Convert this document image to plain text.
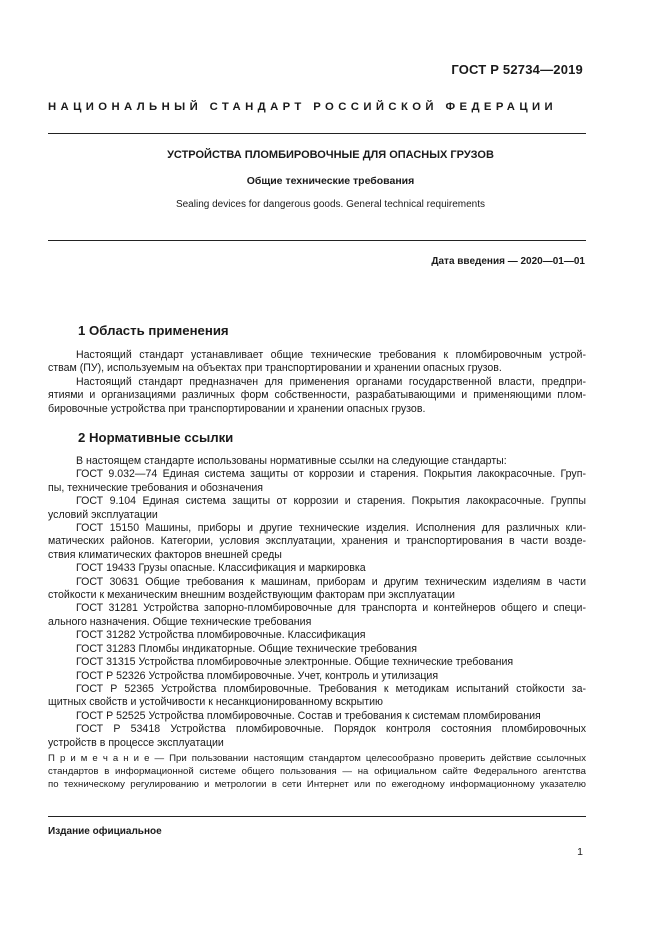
ГОСТ Р 52734—2019
НАЦИОНАЛЬНЫЙ СТАНДАРТ РОССИЙСКОЙ ФЕДЕРАЦИИ
УСТРОЙСТВА ПЛОМБИРОВОЧНЫЕ ДЛЯ ОПАСНЫХ ГРУЗОВ
Общие технические требования
Sealing devices for dangerous goods. General technical requirements
Дата введения — 2020—01—01
1 Область применения
Настоящий стандарт устанавливает общие технические требования к пломбировочным устрой-
ствам (ПУ), используемым на объектах при транспортировании и хранении опасных грузов.
Настоящий стандарт предназначен для применения органами государственной власти, предпри-
ятиями и организациями различных форм собственности, разрабатывающими и применяющими плом-
бировочные устройства при транспортировании и хранении опасных грузов.
2 Нормативные ссылки
В настоящем стандарте использованы нормативные ссылки на следующие стандарты:
ГОСТ 9.032—74 Единая система защиты от коррозии и старения. Покрытия лакокрасочные. Груп-
пы, технические требования и обозначения
ГОСТ 9.104 Единая система защиты от коррозии и старения. Покрытия лакокрасочные. Группы
условий эксплуатации
ГОСТ 15150 Машины, приборы и другие технические изделия. Исполнения для различных кли-
матических районов. Категории, условия эксплуатации, хранения и транспортирования в части возде-
ствия климатических факторов внешней среды
ГОСТ 19433 Грузы опасные. Классификация и маркировка
ГОСТ 30631 Общие требования к машинам, приборам и другим техническим изделиям в части
стойкости к механическим внешним воздействующим факторам при эксплуатации
ГОСТ 31281 Устройства запорно-пломбировочные для транспорта и контейнеров общего и специ-
ального назначения. Общие технические требования
ГОСТ 31282 Устройства пломбировочные. Классификация
ГОСТ 31283 Пломбы индикаторные. Общие технические требования
ГОСТ 31315 Устройства пломбировочные электронные. Общие технические требования
ГОСТ Р 52326 Устройства пломбировочные. Учет, контроль и утилизация
ГОСТ Р 52365 Устройства пломбировочные. Требования к методикам испытаний стойкости за-
щитных свойств и устойчивости к несанкционированному вскрытию
ГОСТ Р 52525 Устройства пломбировочные. Состав и требования к системам пломбирования
ГОСТ Р 53418 Устройства пломбировочные. Порядок контроля состояния пломбировочных
устройств в процессе эксплуатации
П р и м е ч а н и е — При пользовании настоящим стандартом целесообразно проверить действие ссылочных
стандартов в информационной системе общего пользования — на официальном сайте Федерального агентства
по техническому регулированию и метрологии в сети Интернет или по ежегодному информационному указателю
Издание официальное
1
